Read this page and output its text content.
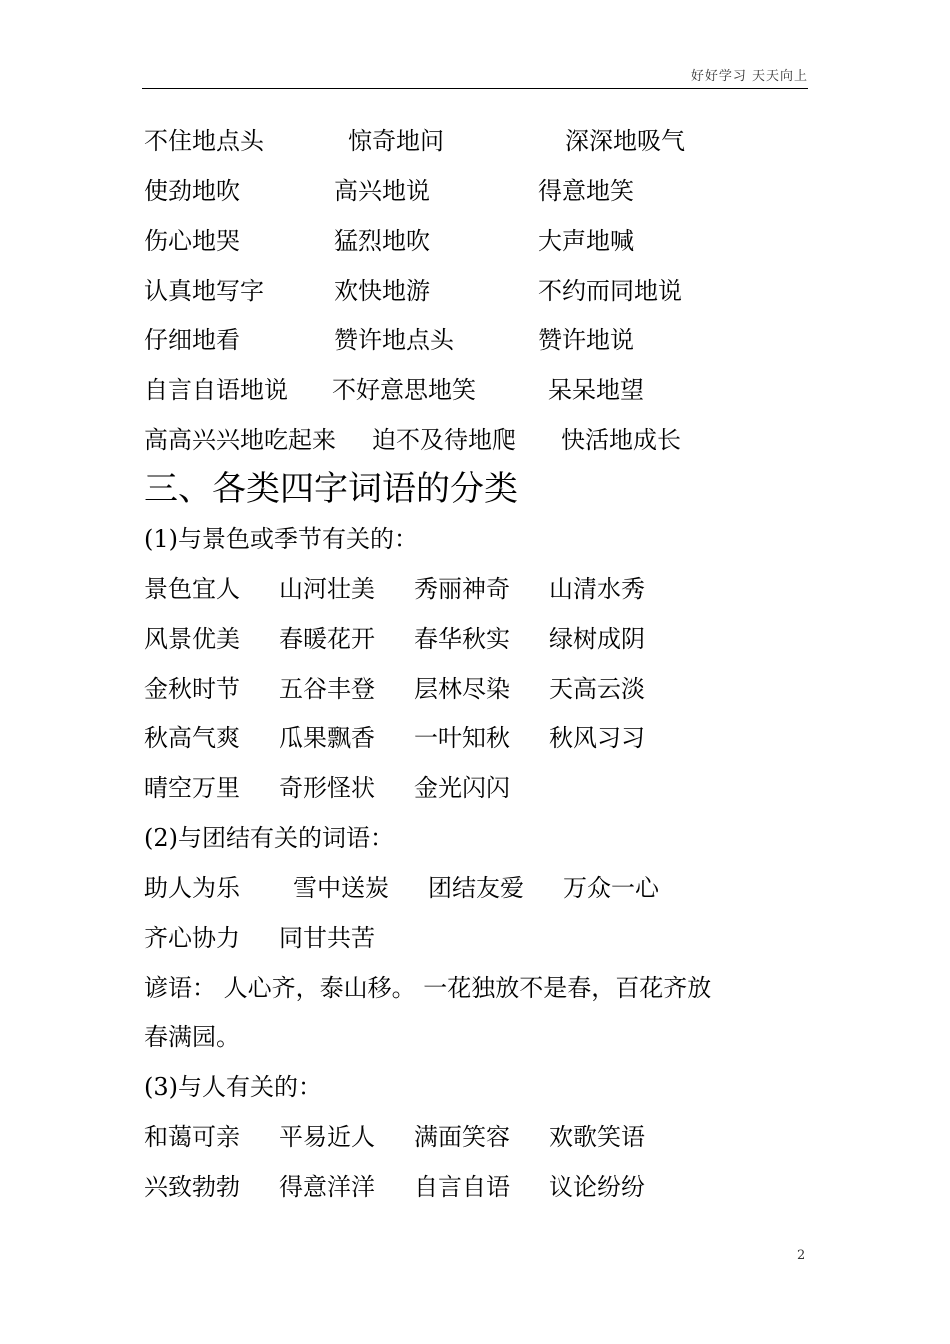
好好学习 天天向上
不住地点头	惊奇地问	深深地吸气
使劲地吹	高兴地说	得意地笑
伤心地哭	猛烈地吹	大声地喊
认真地写字	欢快地游	不约而同地说
仔细地看	赞许地点头	赞许地说
自言自语地说 不好意思地笑	呆呆地望
高高兴兴地吃起来 迫不及待地爬 快活地成长
三、各类四字词语的分类
(1)与景色或季节有关的：
景色宜人 山河壮美 秀丽神奇 山清水秀
风景优美 春暖花开 春华秋实 绿树成阴
金秋时节 五谷丰登 层林尽染 天高云淡
秋高气爽 瓜果飘香 一叶知秋 秋风习习
晴空万里 奇形怪状 金光闪闪
(2)与团结有关的词语：
助人为乐 雪中送炭 团结友爱 万众一心
齐心协力 同甘共苦
谚语： 人心齐，泰山移。 一花独放不是春，百花齐放
春满园。
(3)与人有关的：
和蔼可亲 平易近人 满面笑容 欢歌笑语
兴致勃勃 得意洋洋 自言自语 议论纷纷
2
